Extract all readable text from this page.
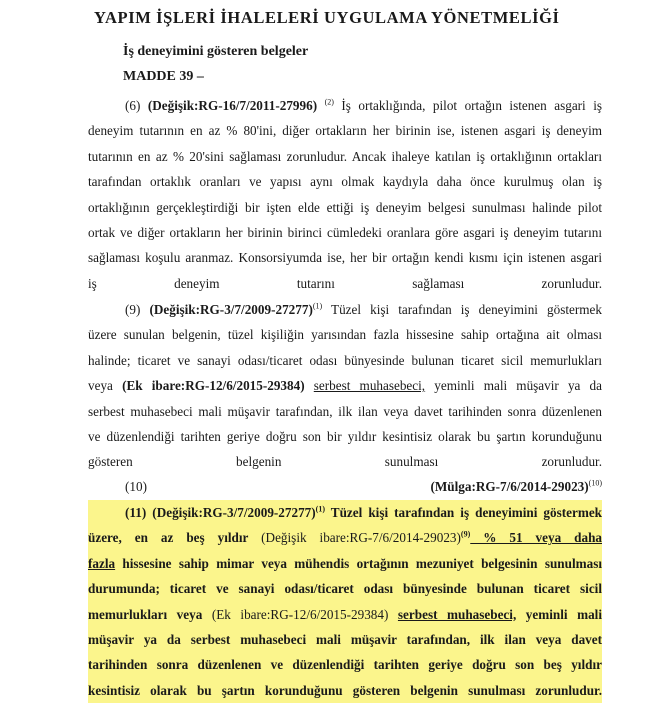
YAPIM İŞLERİ İHALELERİ UYGULAMA YÖNETMELİĞİ
İş deneyimini gösteren belgeler
MADDE 39 –
(6) (Değişik:RG-16/7/2011-27996) $^{(2)}$ İş ortaklığında, pilot ortağın istenen asgari iş
deneyim tutarının en az % 80'ini, diğer ortakların her birinin ise, istenen asgari iş deneyim
tutarının en az % 20'sini sağlaması zorunludur. Ancak ihaleye katılan iş ortaklığının ortakları
tarafından ortaklık oranları ve yapısı aynı olmak kaydıyla daha önce kurulmuş olan iş
ortaklığının gerçekleştirdiği bir işten elde ettiği iş deneyim belgesi sunulması halinde pilot
ortak ve diğer ortakların her birinin birinci cümledeki oranlara göre asgari iş deneyim tutarını
sağlaması koşulu aranmaz. Konsorsiyumda ise, her bir ortağın kendi kısmı için istenen asgari
iş deneyim tutarını sağlaması zorunludur.
(9) (Değişik:RG-3/7/2009-27277)$^{(1)}$ Tüzel kişi tarafından iş deneyimini göstermek
üzere sunulan belgenin, tüzel kişiliğin yarısından fazla hissesine sahip ortağına ait olması
halinde; ticaret ve sanayi odası/ticaret odası bünyesinde bulunan ticaret sicil memurlukları
veya (Ek ibare:RG-12/6/2015-29384) serbest muhasebeci, yeminli mali müşavir ya da
serbest muhasebeci mali müşavir tarafından, ilk ilan veya davet tarihinden sonra düzenlenen
ve düzenlendiği tarihten geriye doğru son bir yıldır kesintisiz olarak bu şartın korunduğunu
gösteren belgenin sunulması zorunludur.
(10)	(Mülga:RG-7/6/2014-29023)$^{(10)}$
(11) (Değişik:RG-3/7/2009-27277)$^{(1)}$ Tüzel kişi tarafından iş deneyimini göstermek
üzere, en az beş yıldır (Değişik ibare:RG-7/6/2014-29023)$^{(9)}$ % 51 veya daha
fazla hissesine sahip mimar veya mühendis ortağının mezuniyet belgesinin sunulması
durumunda; ticaret ve sanayi odası/ticaret odası bünyesinde bulunan ticaret sicil
memurlukları veya (Ek ibare:RG-12/6/2015-29384) serbest muhasebeci, yeminli mali
müşavir ya da serbest muhasebeci mali müşavir tarafından, ilk ilan veya davet
tarihinden sonra düzenlenen ve düzenlendiği tarihten geriye doğru son beş yıldır
kesintisiz olarak bu şartın korunduğunu gösteren belgenin sunulması zorunludur.
